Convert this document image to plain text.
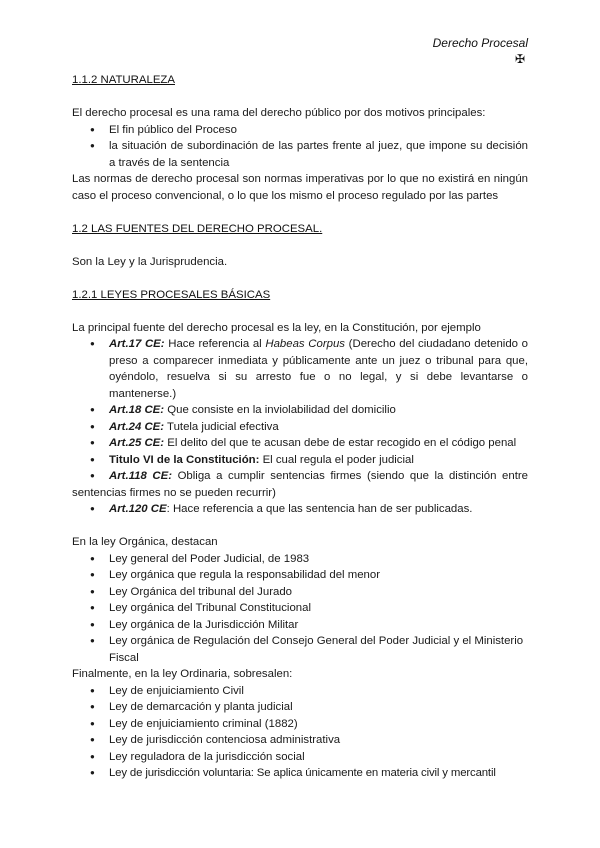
Derecho Procesal
✠
1.1.2 NATURALEZA

El derecho procesal es una rama del derecho público por dos motivos principales:

● El fin público del Proceso
● la situación de subordinación de las partes frente al juez, que impone su decisión a través de la sentencia

Las normas de derecho procesal son normas imperativas por lo que no existirá en ningún caso el proceso convencional, o lo que los mismo el proceso regulado por las partes

1.2 LAS FUENTES DEL DERECHO PROCESAL.

Son la Ley y la Jurisprudencia.

1.2.1 LEYES PROCESALES BÁSICAS

La principal fuente del derecho procesal es la ley, en la Constitución, por ejemplo

● Art.17 CE: Hace referencia al Habeas Corpus (Derecho del ciudadano detenido o preso a comparecer inmediata y públicamente ante un juez o tribunal para que, oyéndolo, resuelva si su arresto fue o no legal, y si debe levantarse o mantenerse.)
● Art.18 CE: Que consiste en la inviolabilidad del domicilio
● Art.24 CE: Tutela judicial efectiva
● Art.25 CE: El delito del que te acusan debe de estar recogido en el código penal
● Titulo VI de la Constitución: El cual regula el poder judicial
● Art.118 CE: Obliga a cumplir sentencias firmes (siendo que la distinción entre sentencias firmes no se pueden recurrir)
● Art.120 CE: Hace referencia a que las sentencia han de ser publicadas.

En la ley Orgánica, destacan

● Ley general del Poder Judicial, de 1983
● Ley orgánica que regula la responsabilidad del menor
● Ley Orgánica del tribunal del Jurado
● Ley orgánica del Tribunal Constitucional
● Ley orgánica de la Jurisdicción Militar
● Ley orgánica de Regulación del Consejo General del Poder Judicial y el Ministerio Fiscal

Finalmente, en la ley Ordinaria, sobresalen:

● Ley de enjuiciamiento Civil
● Ley de demarcación y planta judicial
● Ley de enjuiciamiento criminal (1882)
● Ley de jurisdicción contenciosa administrativa
● Ley reguladora de la jurisdicción social
● Ley de jurisdicción voluntaria: Se aplica únicamente en materia civil y mercantil
